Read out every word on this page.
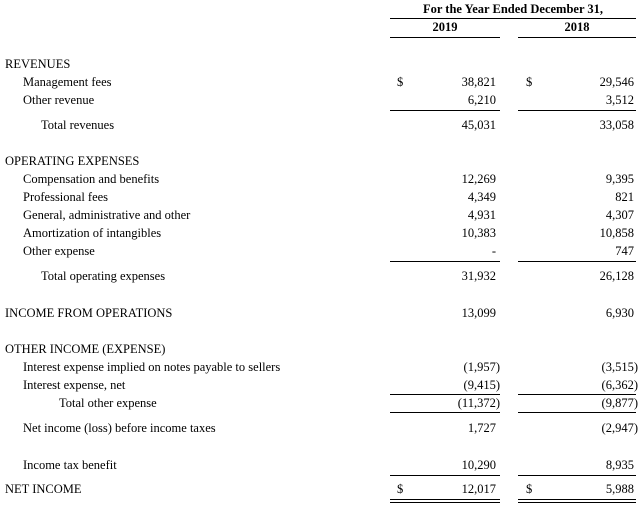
For the Year Ended December 31,
2019	2018
REVENUES
Management fees	$	38,821 $	29,546
Other revenue	6,210	3,512
Total revenues	45,031	33,058
OPERATING EXPENSES
Compensation and benefits	12,269	9,395
Professional fees	4,349	821
General, administrative and other	4,931	4,307
Amortization of intangibles	10,383	10,858
Other expense	-	747
Total operating expenses	31,932	26,128
INCOME FROM OPERATIONS	13,099	6,930
OTHER INCOME (EXPENSE)
Interest expense implied on notes payable to sellers	(1,957)	(3,515)
Interest expense, net	(9,415)	(6,362)
Total other expense	(11,372)	(9,877)
Net income (loss) before income taxes	1,727	(2,947)
Income tax benefit	10,290	8,935
NET INCOME	$	12,017 $	5,988
